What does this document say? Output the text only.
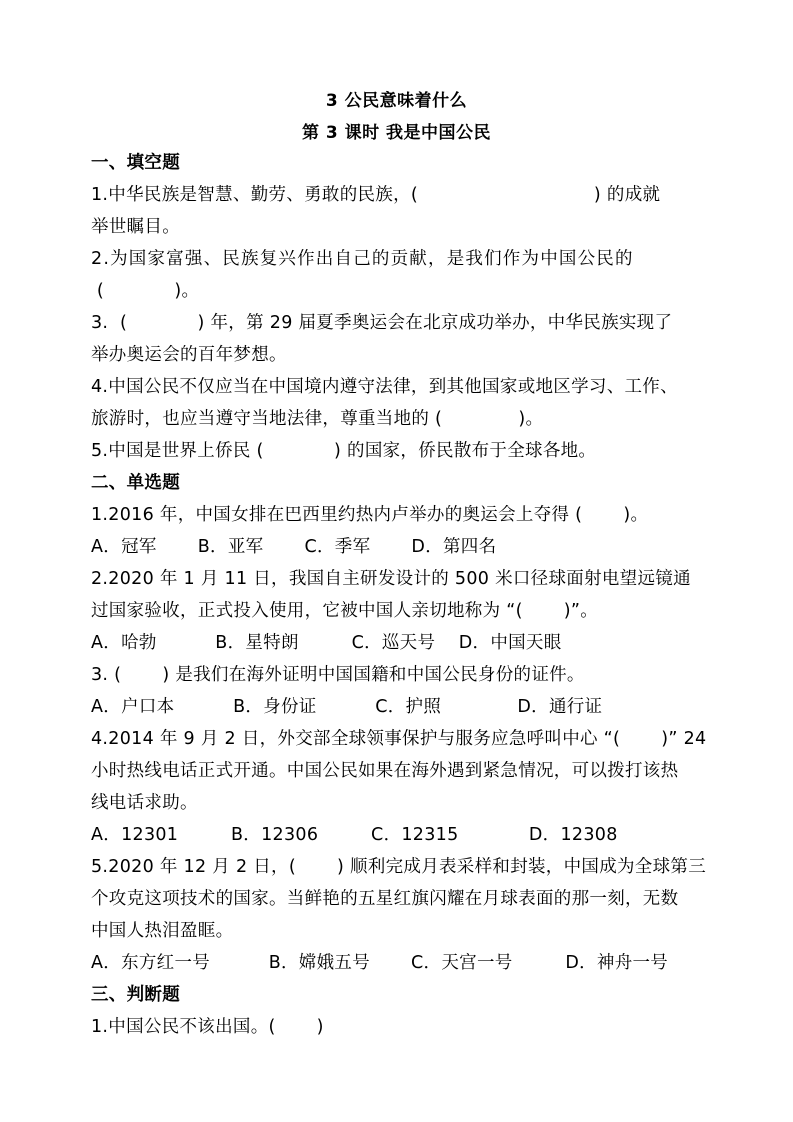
3 公民意味着什么
第 3 课时 我是中国公民
一、填空题
1.中华民族是智慧、勤劳、勇敢的民族，(                              ) 的成就
举世瞩目。
2.为国家富强、民族复兴作出自己的贡献，是我们作为中国公民的
(            )。
3.  (            ) 年，第 29 届夏季奥运会在北京成功举办，中华民族实现了
举办奥运会的百年梦想。
4.中国公民不仅应当在中国境内遵守法律，到其他国家或地区学习、工作、
旅游时，也应当遵守当地法律，尊重当地的 (             )。
5.中国是世界上侨民 (            ) 的国家，侨民散布于全球各地。
二、单选题
1.2016 年，中国女排在巴西里约热内卢举办的奥运会上夺得 (       )。
A．冠军       B．亚军       C．季军       D．第四名
2.2020 年 1 月 11 日，我国自主研发设计的 500 米口径球面射电望远镜通
过国家验收，正式投入使用，它被中国人亲切地称为 “(       )”。
A．哈勃          B．星特朗         C．巡天号    D．中国天眼
3. (       ) 是我们在海外证明中国国籍和中国公民身份的证件。
A．户口本          B．身份证          C．护照             D．通行证
4.2014 年 9 月 2 日，外交部全球领事保护与服务应急呼叫中心 “(       )” 24
小时热线电话正式开通。中国公民如果在海外遇到紧急情况，可以拨打该热
线电话求助。
A．12301         B．12306         C．12315            D．12308
5.2020 年 12 月 2 日，(       ) 顺利完成月表采样和封装，中国成为全球第三
个攻克这项技术的国家。当鲜艳的五星红旗闪耀在月球表面的那一刻，无数
中国人热泪盈眶。
A．东方红一号          B．嫦娥五号       C．天宫一号         D．神舟一号
三、判断题
1.中国公民不该出国。(       )
